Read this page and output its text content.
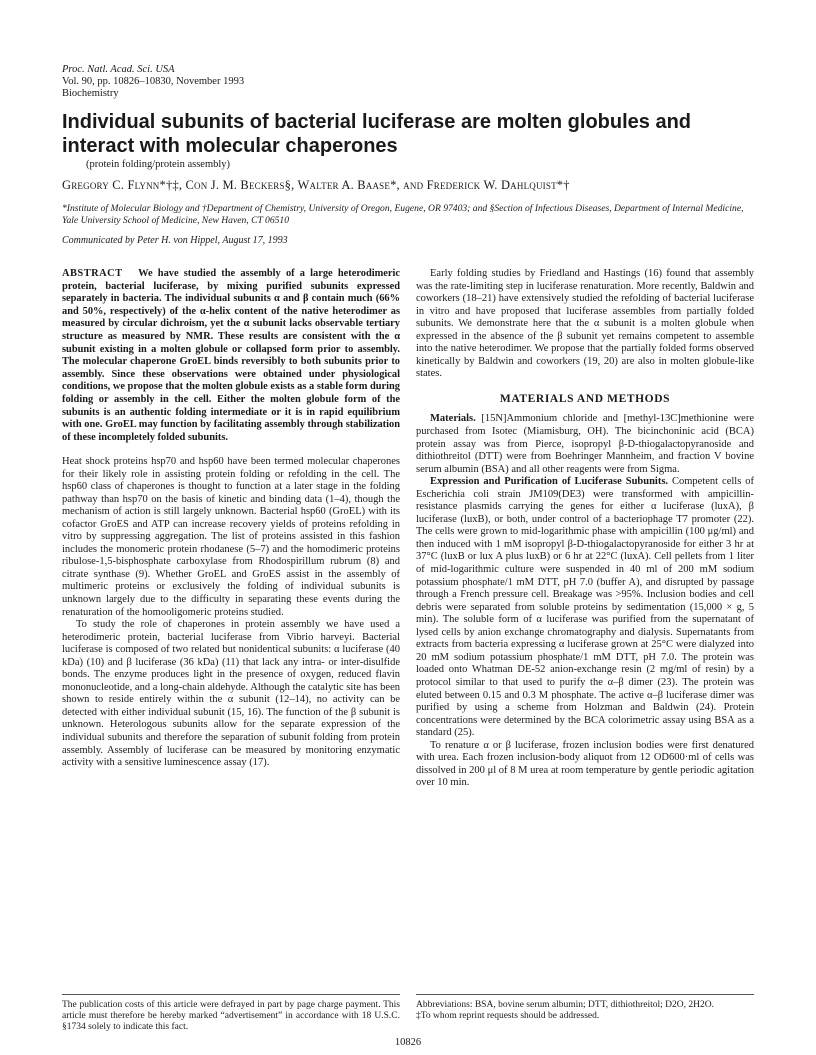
Proc. Natl. Acad. Sci. USA
Vol. 90, pp. 10826–10830, November 1993
Biochemistry
Individual subunits of bacterial luciferase are molten globules and interact with molecular chaperones
(protein folding/protein assembly)
Gregory C. Flynn*†‡, Con J. M. Beckers§, Walter A. Baase*, and Frederick W. Dahlquist*†
*Institute of Molecular Biology and †Department of Chemistry, University of Oregon, Eugene, OR 97403; and §Section of Infectious Diseases, Department of Internal Medicine, Yale University School of Medicine, New Haven, CT 06510
Communicated by Peter H. von Hippel, August 17, 1993
ABSTRACT We have studied the assembly of a large heterodimeric protein, bacterial luciferase, by mixing purified subunits expressed separately in bacteria. The individual subunits α and β contain much (66% and 50%, respectively) of the α-helix content of the native heterodimer as measured by circular dichroism, yet the α subunit lacks observable tertiary structure as measured by NMR. These results are consistent with the α subunit existing in a molten globule or collapsed form prior to assembly. The molecular chaperone GroEL binds reversibly to both subunits prior to assembly. Since these observations were obtained under physiological conditions, we propose that the molten globule exists as a stable form during folding or assembly in the cell. Either the molten globule form of the subunits is an authentic folding intermediate or it is in rapid equilibrium with one. GroEL may function by facilitating assembly through stabilization of these incompletely folded subunits.

Heat shock proteins hsp70 and hsp60 have been termed molecular chaperones for their likely role in assisting protein folding or refolding in the cell. The hsp60 class of chaperones is thought to function at a later stage in the folding pathway than hsp70 on the basis of kinetic and binding data (1–4), though the mechanism of action is still largely unknown. Bacterial hsp60 (GroEL) with its cofactor GroES and ATP can increase recovery yields of proteins refolding in vitro by suppressing aggregation. The list of proteins assisted in this fashion includes the monomeric protein rhodanese (5–7) and the homodimeric proteins ribulose-1,5-bisphosphate carboxylase from Rhodospirillum rubrum (8) and citrate synthase (9). Whether GroEL and GroES assist in the assembly of multimeric proteins or exclusively the folding of individual subunits is unknown largely due to the difficulty in separating these events during the renaturation of the homooligomeric proteins studied.

To study the role of chaperones in protein assembly we have used a heterodimeric protein, bacterial luciferase from Vibrio harveyi. Bacterial luciferase is composed of two related but nonidentical subunits: α luciferase (40 kDa) (10) and β luciferase (36 kDa) (11) that lack any intra- or inter-disulfide bonds. The enzyme produces light in the presence of oxygen, reduced flavin mononucleotide, and a long-chain aldehyde. Although the catalytic site has been shown to reside entirely within the α subunit (12–14), no activity can be detected with either individual subunit (15, 16). The function of the β subunit is unknown. Heterologous subunits allow for the separate expression of the individual subunits and therefore the separation of subunit folding from protein assembly. Assembly of luciferase can be measured by monitoring enzymatic activity with a sensitive luminescence assay (17).

Early folding studies by Friedland and Hastings (16) found that assembly was the rate-limiting step in luciferase renaturation. More recently, Baldwin and coworkers (18–21) have extensively studied the refolding of bacterial luciferase in vitro and have proposed that luciferase assembles from partially folded subunits. We demonstrate here that the α subunit is a molten globule when expressed in the absence of the β subunit yet remains competent to assemble into the native heterodimer. We propose that the partially folded forms observed kinetically by Baldwin and coworkers (19, 20) are also in molten globule-like states.

MATERIALS AND METHODS

Materials. [15N]Ammonium chloride and [methyl-13C]methionine were purchased from Isotec (Miamisburg, OH). The bicinchoninic acid (BCA) protein assay was from Pierce, isopropyl β-D-thiogalactopyranoside and dithiothreitol (DTT) were from Boehringer Mannheim, and fraction V bovine serum albumin (BSA) and all other reagents were from Sigma.

Expression and Purification of Luciferase Subunits. Competent cells of Escherichia coli strain JM109(DE3) were transformed with ampicillin-resistance plasmids carrying the genes for either α luciferase (luxA), β luciferase (luxB), or both, under control of a bacteriophage T7 promoter (22). The cells were grown to mid-logarithmic phase with ampicillin (100 μg/ml) and then induced with 1 mM isopropyl β-D-thiogalactopyranoside for either 3 hr at 37°C (luxB or lux A plus luxB) or 6 hr at 22°C (luxA). Cell pellets from 1 liter of mid-logarithmic culture were suspended in 40 ml of 200 mM sodium potassium phosphate/1 mM DTT, pH 7.0 (buffer A), and disrupted by passage through a French pressure cell. Breakage was >95%. Inclusion bodies and cell debris were separated from soluble proteins by sedimentation (15,000 × g, 5 min). The soluble form of α luciferase was purified from the supernatant of lysed cells by anion exchange chromatography and dialysis. Supernatants from extracts from bacteria expressing α luciferase grown at 25°C were dialyzed into 20 mM sodium potassium phosphate/1 mM DTT, pH 7.0. The protein was loaded onto Whatman DE-52 anion-exchange resin (2 mg/ml of resin) by a protocol similar to that used to purify the α–β dimer (23). The protein was eluted between 0.15 and 0.3 M phosphate. The active α–β luciferase dimer was purified by using a scheme from Holzman and Baldwin (24). Protein concentrations were determined by the BCA colorimetric assay using BSA as a standard (25).

To renature α or β luciferase, frozen inclusion bodies were first denatured with urea. Each frozen inclusion-body aliquot from 12 OD600·ml of cells was dissolved in 200 μl of 8 M urea at room temperature by gentle periodic agitation over 10 min.

The publication costs of this article were defrayed in part by page charge payment. This article must therefore be hereby marked “advertisement” in accordance with 18 U.S.C. §1734 solely to indicate this fact.
Abbreviations: BSA, bovine serum albumin; DTT, dithiothreitol; D2O, 2H2O.
‡To whom reprint requests should be addressed.
10826
